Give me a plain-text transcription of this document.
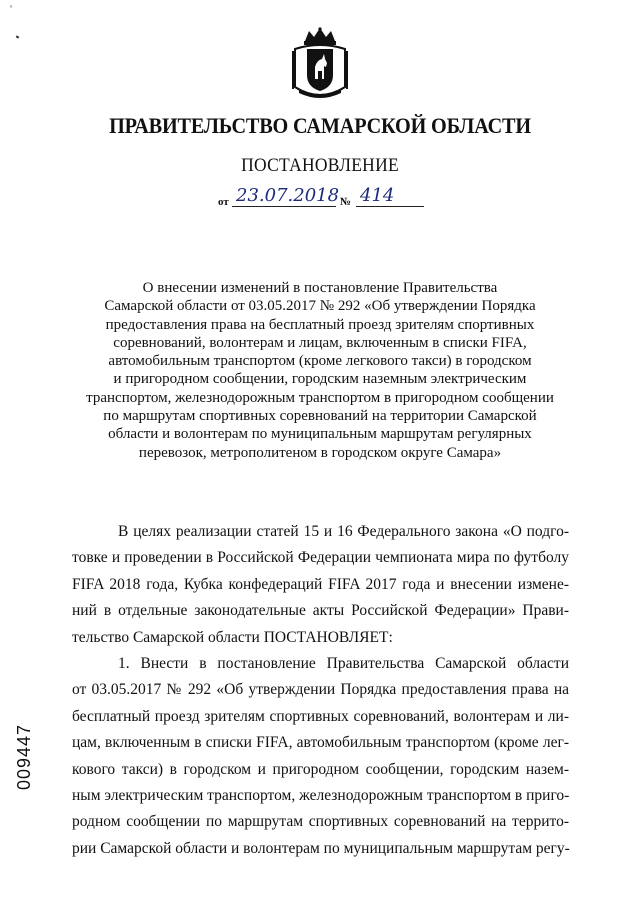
‘
ПРАВИТЕЛЬСТВО САМАРСКОЙ ОБЛАСТИ
ПОСТАНОВЛЕНИЕ
от 23.07.2018 № 414
О внесении изменений в постановление Правительства
Самарской области от 03.05.2017 № 292 «Об утверждении Порядка
предоставления права на бесплатный проезд зрителям спортивных
соревнований, волонтерам и лицам, включенным в списки FIFA,
автомобильным транспортом (кроме легкового такси) в городском
и пригородном сообщении, городским наземным электрическим
транспортом, железнодорожным транспортом в пригородном сообщении
по маршрутам спортивных соревнований на территории Самарской
области и волонтерам по муниципальным маршрутам регулярных
перевозок, метрополитеном в городском округе Самара»
В целях реализации статей 15 и 16 Федерального закона «О подго-
товке и проведении в Российской Федерации чемпионата мира по футболу
FIFA 2018 года, Кубка конфедераций FIFA 2017 года и внесении измене-
ний в отдельные законодательные акты Российской Федерации» Прави-
тельство Самарской области ПОСТАНОВЛЯЕТ:
1. Внести в постановление Правительства Самарской области
от 03.05.2017 № 292 «Об утверждении Порядка предоставления права на
бесплатный проезд зрителям спортивных соревнований, волонтерам и ли-
цам, включенным в списки FIFA, автомобильным транспортом (кроме лег-
кового такси) в городском и пригородном сообщении, городским назем-
ным электрическим транспортом, железнодорожным транспортом в приго-
родном сообщении по маршрутам спортивных соревнований на террито-
рии Самарской области и волонтерам по муниципальным маршрутам регу-
009447
